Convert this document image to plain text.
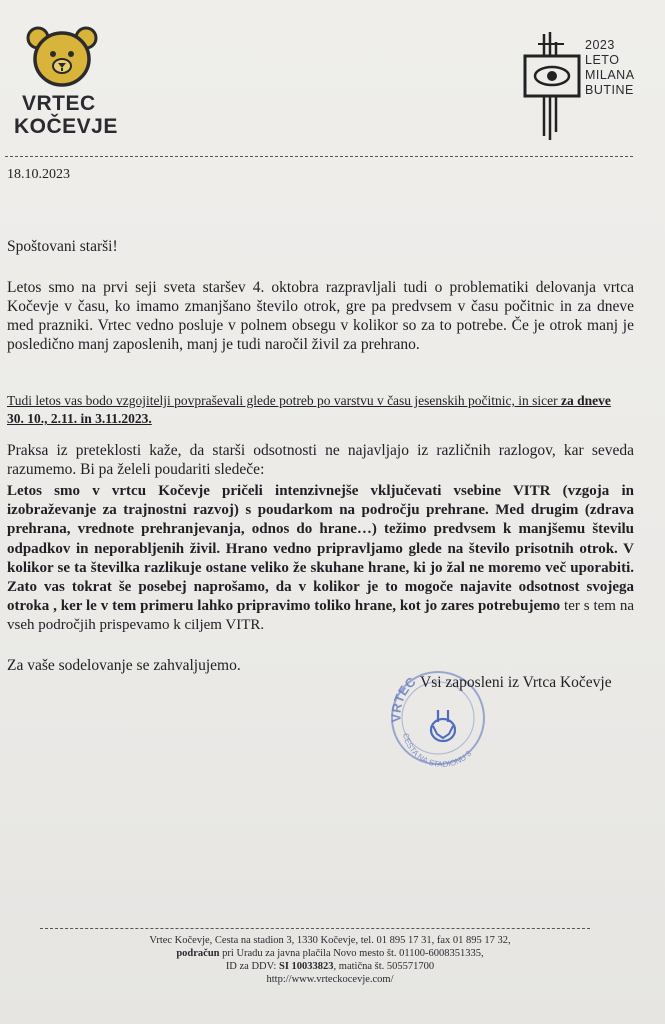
VRTEC
KOČEVJE
2023
LETO
MILANA
BUTINE
18.10.2023
Spoštovani starši!
Letos smo na prvi seji sveta staršev 4. oktobra razpravljali tudi o problematiki delovanja vrtca Kočevje v času, ko imamo zmanjšano število otrok, gre pa predvsem v času počitnic in za dneve med prazniki. Vrtec vedno posluje v polnem obsegu v kolikor so za to potrebe. Če je otrok manj je posledično manj zaposlenih, manj je tudi naročil živil za prehrano.
Tudi letos vas bodo vzgojitelji povpraševali glede potreb po varstvu v času jesenskih počitnic, in sicer za dneve 30. 10., 2.11. in 3.11.2023.
Praksa iz preteklosti kaže, da starši odsotnosti ne najavljajo iz različnih razlogov, kar seveda razumemo. Bi pa želeli poudariti sledeče:
Letos smo v vrtcu Kočevje pričeli intenzivnejše vključevati vsebine VITR (vzgoja in izobraževanje za trajnostni razvoj) s poudarkom na področju prehrane. Med drugim (zdrava prehrana, vrednote prehranjevanja, odnos do hrane…) težimo predvsem k manjšemu številu odpadkov in neporabljenih živil. Hrano vedno pripravljamo glede na število prisotnih otrok. V kolikor se ta številka razlikuje ostane veliko že skuhane hrane, ki jo žal ne moremo več uporabiti. Zato vas tokrat še posebej naprošamo, da v kolikor je to mogoče najavite odsotnost svojega otroka , ker le v tem primeru lahko pripravimo toliko hrane, kot jo zares potrebujemo ter s tem na vseh področjih prispevamo k ciljem VITR.
Za vaše sodelovanje se zahvaljujemo.
VRTEC
CESTA NA STADIONU 3
Vsi zaposleni iz Vrtca Kočevje
Vrtec Kočevje, Cesta na stadion 3, 1330 Kočevje, tel. 01 895 17 31, fax 01 895 17 32,
podračun pri Uradu za javna plačila Novo mesto št. 01100-6008351335,
ID za DDV: SI 10033823, matična št. 505571700
http://www.vrteckocevje.com/
